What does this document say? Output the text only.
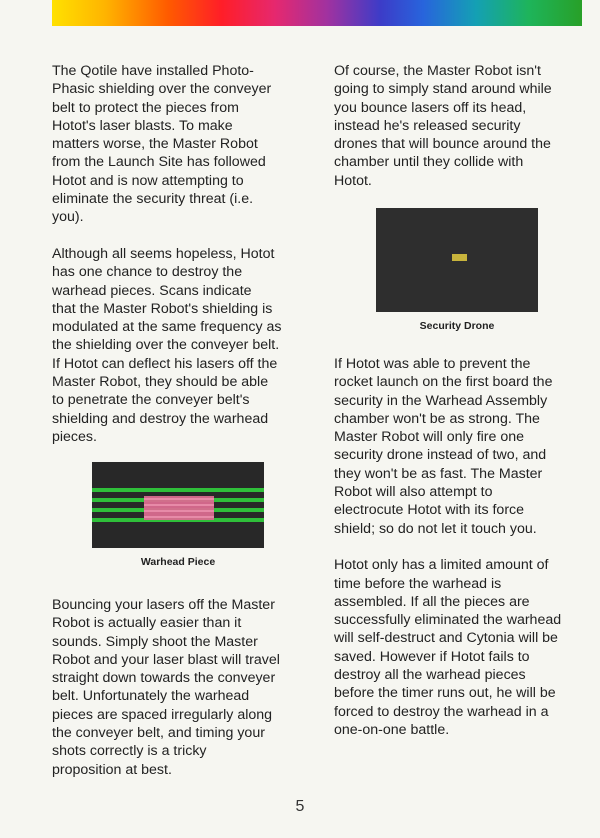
The Qotile have installed Photo-
Phasic shielding over the conveyer
belt to protect the pieces from
Hotot's laser blasts. To make
matters worse, the Master Robot
from the Launch Site has followed
Hotot and is now attempting to
eliminate the security threat (i.e.
you).

Although all seems hopeless, Hotot
has one chance to destroy the
warhead pieces. Scans indicate
that the Master Robot's shielding is
modulated at the same frequency as
the shielding over the conveyer belt.
If Hotot can deflect his lasers off the
Master Robot, they should be able
to penetrate the conveyer belt's
shielding and destroy the warhead
pieces.

Warhead Piece

Bouncing your lasers off the Master
Robot is actually easier than it
sounds. Simply shoot the Master
Robot and your laser blast will travel
straight down towards the conveyer
belt. Unfortunately the warhead
pieces are spaced irregularly along
the conveyer belt, and timing your
shots correctly is a tricky
proposition at best.

Of course, the Master Robot isn't
going to simply stand around while
you bounce lasers off its head,
instead he's released security
drones that will bounce around the
chamber until they collide with
Hotot.

Security Drone

If Hotot was able to prevent the
rocket launch on the first board the
security in the Warhead Assembly
chamber won't be as strong. The
Master Robot will only fire one
security drone instead of two, and
they won't be as fast. The Master
Robot will also attempt to
electrocute Hotot with its force
shield; so do not let it touch you.

Hotot only has a limited amount of
time before the warhead is
assembled. If all the pieces are
successfully eliminated the warhead
will self-destruct and Cytonia will be
saved. However if Hotot fails to
destroy all the warhead pieces
before the timer runs out, he will be
forced to destroy the warhead in a
one-on-one battle.

5
